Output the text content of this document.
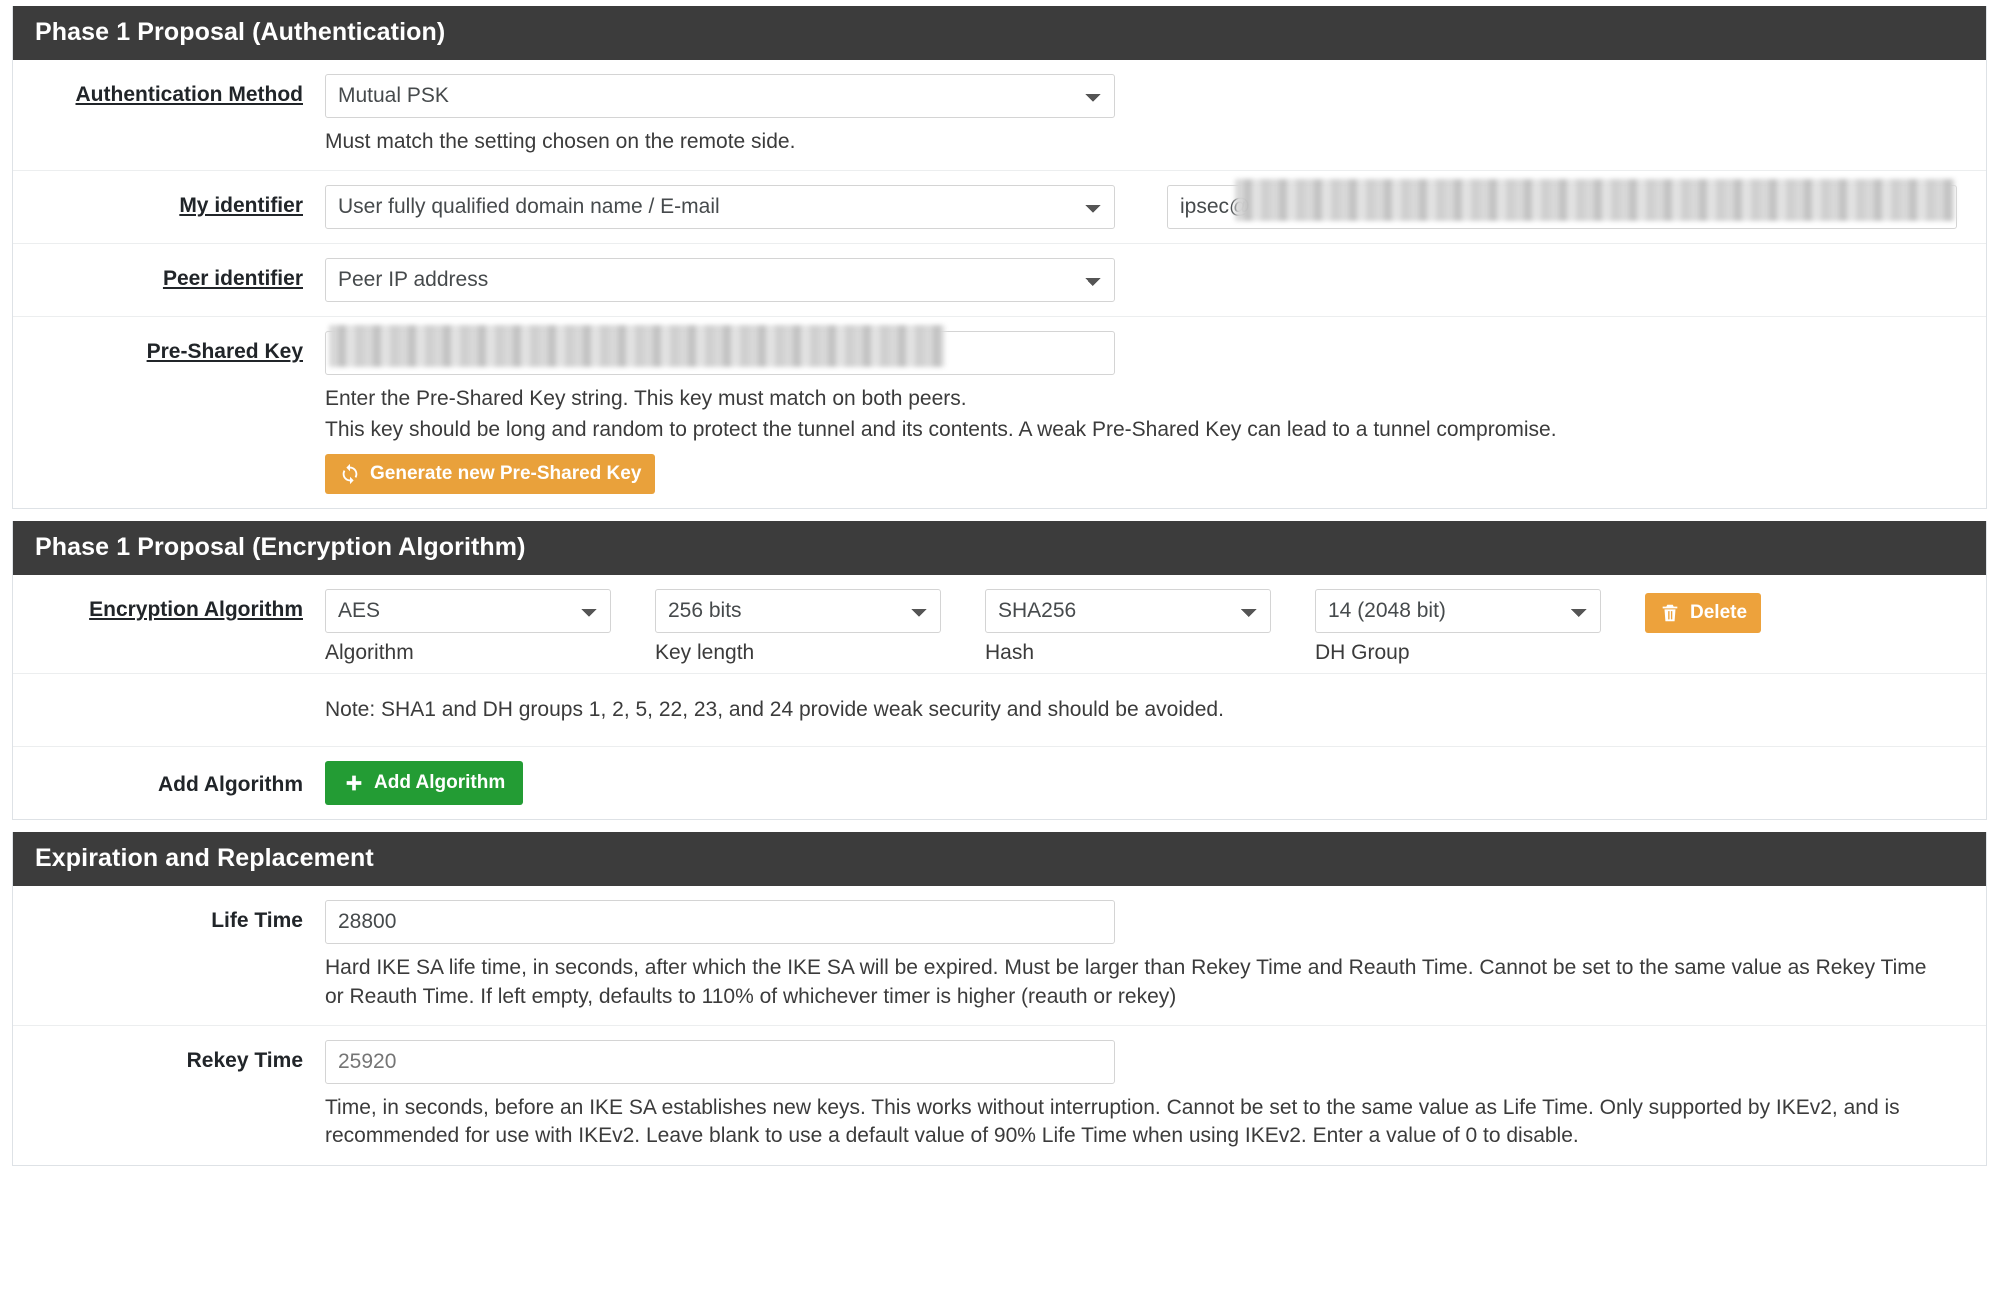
Phase 1 Proposal (Authentication)
Authentication Method
Mutual PSK
Must match the setting chosen on the remote side.
My identifier
User fully qualified domain name / E-mail
ipsec@
Peer identifier
Peer IP address
Pre-Shared Key
Enter the Pre-Shared Key string. This key must match on both peers.
This key should be long and random to protect the tunnel and its contents. A weak Pre-Shared Key can lead to a tunnel compromise.
Generate new Pre-Shared Key
Phase 1 Proposal (Encryption Algorithm)
Encryption Algorithm
AES
Algorithm
256 bits	Key length
SHA256	Hash
14 (2048 bit)	DH Group
Delete
Note: SHA1 and DH groups 1, 2, 5, 22, 23, and 24 provide weak security and should be avoided.
Add Algorithm	Add Algorithm
Expiration and Replacement
Life Time
28800
Hard IKE SA life time, in seconds, after which the IKE SA will be expired. Must be larger than Rekey Time and Reauth Time. Cannot be set to the same value as Rekey Time or Reauth Time. If left empty, defaults to 110% of whichever timer is higher (reauth or rekey)
Rekey Time
25920
Time, in seconds, before an IKE SA establishes new keys. This works without interruption. Cannot be set to the same value as Life Time. Only supported by IKEv2, and is recommended for use with IKEv2. Leave blank to use a default value of 90% Life Time when using IKEv2. Enter a value of 0 to disable.
